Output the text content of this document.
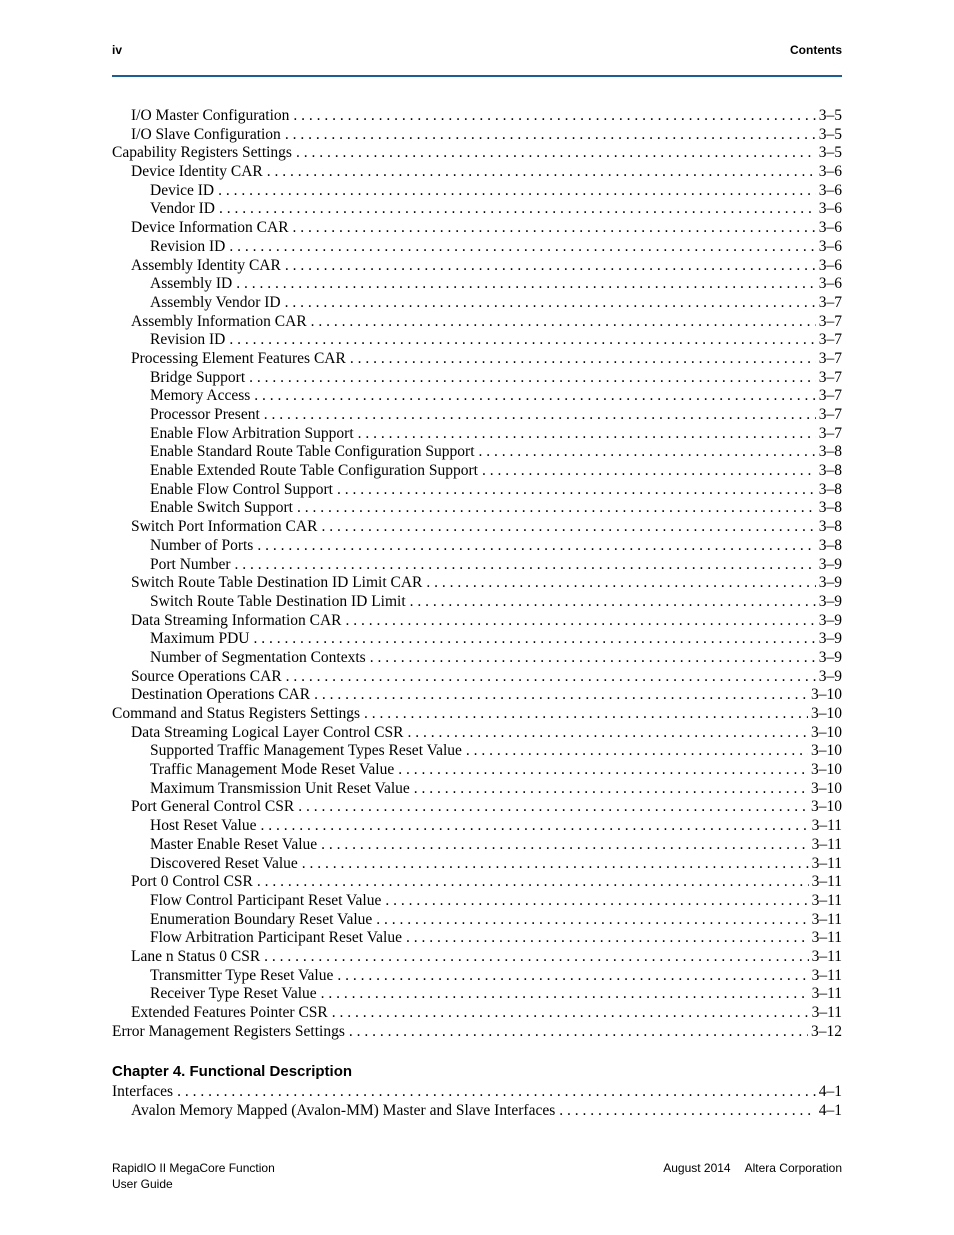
iv	Contents
I/O Master Configuration . . .	3–5
I/O Slave Configuration . . .	3–5
Capability Registers Settings . . .	3–5
Device Identity CAR . . .	3–6
Device ID . . .	3–6
Vendor ID . . .	3–6
Device Information CAR . . .	3–6
Revision ID . . .	3–6
Assembly Identity CAR . . .	3–6
Assembly ID . . .	3–6
Assembly Vendor ID . . .	3–7
Assembly Information CAR . . .	3–7
Revision ID . . .	3–7
Processing Element Features CAR . . .	3–7
Bridge Support . . .	3–7
Memory Access . . .	3–7
Processor Present . . .	3–7
Enable Flow Arbitration Support . . .	3–7
Enable Standard Route Table Configuration Support . . .	3–8
Enable Extended Route Table Configuration Support . . .	3–8
Enable Flow Control Support . . .	3–8
Enable Switch Support . . .	3–8
Switch Port Information CAR . . .	3–8
Number of Ports . . .	3–8
Port Number . . .	3–9
Switch Route Table Destination ID Limit CAR . . .	3–9
Switch Route Table Destination ID Limit . . .	3–9
Data Streaming Information CAR . . .	3–9
Maximum PDU . . .	3–9
Number of Segmentation Contexts . . .	3–9
Source Operations CAR . . .	3–9
Destination Operations CAR . . .	3–10
Command and Status Registers Settings . . .	3–10
Data Streaming Logical Layer Control CSR . . .	3–10
Supported Traffic Management Types Reset Value . . .	3–10
Traffic Management Mode Reset Value . . .	3–10
Maximum Transmission Unit Reset Value . . .	3–10
Port General Control CSR . . .	3–10
Host Reset Value . . .	3–11
Master Enable Reset Value . . .	3–11
Discovered Reset Value . . .	3–11
Port 0 Control CSR . . .	3–11
Flow Control Participant Reset Value . . .	3–11
Enumeration Boundary Reset Value . . .	3–11
Flow Arbitration Participant Reset Value . . .	3–11
Lane n Status 0 CSR . . .	3–11
Transmitter Type Reset Value . . .	3–11
Receiver Type Reset Value . . .	3–11
Extended Features Pointer CSR . . .	3–11
Error Management Registers Settings . . .	3–12
Chapter 4. Functional Description
Interfaces . . .	4–1
Avalon Memory Mapped (Avalon-MM) Master and Slave Interfaces . . .	4–1
RapidIO II MegaCore Function
User Guide
August 2014 Altera Corporation
